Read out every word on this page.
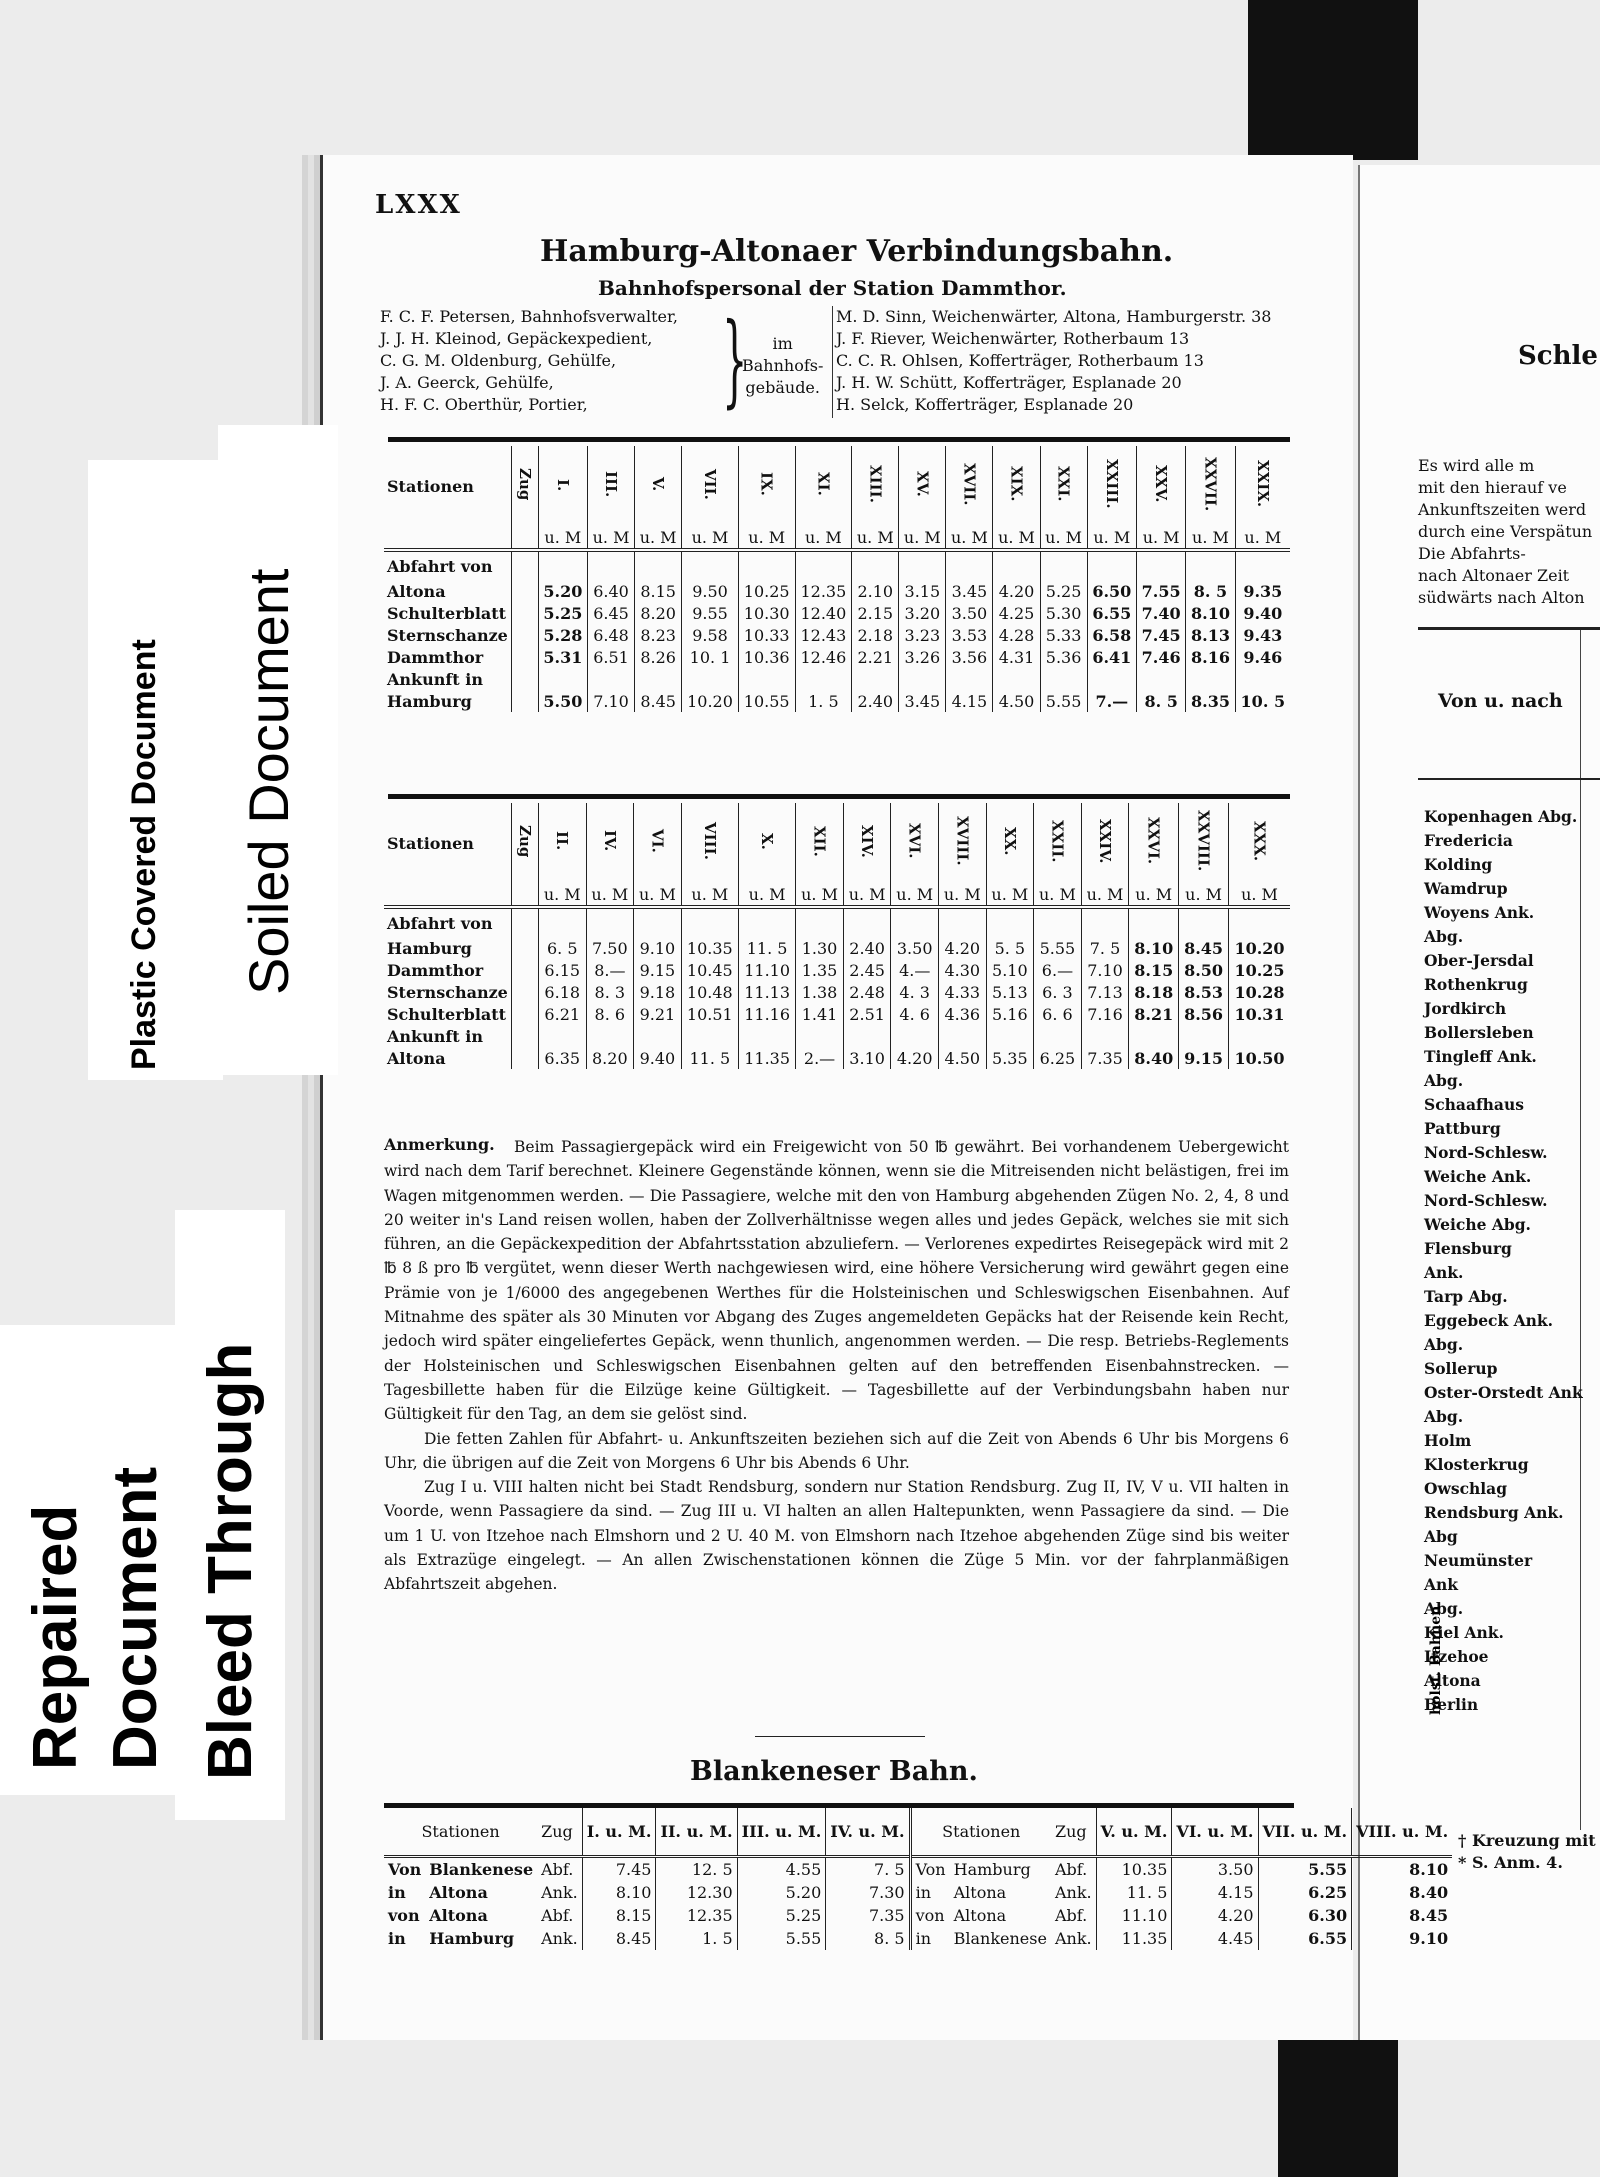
Plastic Covered Document Soiled Document
Repaired Document Bleed Through
LXXX
Hamburg-Altonaer Verbindungsbahn.
Bahnhofspersonal der Station Dammthor.
F. C. F. Petersen, Bahnhofsverwalter,
J. J. H. Kleinod, Gepäckexpedient,
C. G. M. Oldenburg, Gehülfe,
J. A. Geerck, Gehülfe,
H. F. C. Oberthür, Portier,	}	im
Bahnhofs-
gebäude.
M. D. Sinn, Weichenwärter, Altona, Hamburgerstr. 38
J. F. Riever, Weichenwärter, Rotherbaum 13
C. C. R. Ohlsen, Kofferträger, Rotherbaum 13
J. H. W. Schütt, Kofferträger, Esplanade 20
H. Selck, Kofferträger, Esplanade 20
Stationen	Zug	I.	III.	V.	VII.	IX.	XI.	XIII.	XV.	XVII.	XIX.	XXI.	XXIII.	XXV.	XXVII.	XXIX.
		u. M	u. M	u. M	u. M	u. M	u. M	u. M	u. M	u. M	u. M	u. M	u. M	u. M	u. M	u. M
Abfahrt von																
Altona		5.20	6.40	8.15	9.50	10.25	12.35	2.10	3.15	3.45	4.20	5.25	6.50	7.55	8. 5	9.35
Schulterblatt		5.25	6.45	8.20	9.55	10.30	12.40	2.15	3.20	3.50	4.25	5.30	6.55	7.40	8.10	9.40
Sternschanze		5.28	6.48	8.23	9.58	10.33	12.43	2.18	3.23	3.53	4.28	5.33	6.58	7.45	8.13	9.43
Dammthor		5.31	6.51	8.26	10. 1	10.36	12.46	2.21	3.26	3.56	4.31	5.36	6.41	7.46	8.16	9.46
Ankunft in																
Hamburg		5.50	7.10	8.45	10.20	10.55	1. 5	2.40	3.45	4.15	4.50	5.55	7.—	8. 5	8.35	10. 5
Stationen	Zug	II.	IV.	VI.	VIII.	X.	XII.	XIV.	XVI.	XVIII.	XX.	XXII.	XXIV.	XXVI.	XXVIII.	XXX.
		u. M	u. M	u. M	u. M	u. M	u. M	u. M	u. M	u. M	u. M	u. M	u. M	u. M	u. M	u. M
Abfahrt von																
Hamburg		6. 5	7.50	9.10	10.35	11. 5	1.30	2.40	3.50	4.20	5. 5	5.55	7. 5	8.10	8.45	10.20
Dammthor		6.15	8.—	9.15	10.45	11.10	1.35	2.45	4.—	4.30	5.10	6.—	7.10	8.15	8.50	10.25
Sternschanze		6.18	8. 3	9.18	10.48	11.13	1.38	2.48	4. 3	4.33	5.13	6. 3	7.13	8.18	8.53	10.28
Schulterblatt		6.21	8. 6	9.21	10.51	11.16	1.41	2.51	4. 6	4.36	5.16	6. 6	7.16	8.21	8.56	10.31
Ankunft in																
Altona		6.35	8.20	9.40	11. 5	11.35	2.—	3.10	4.20	4.50	5.35	6.25	7.35	8.40	9.15	10.50
Beim Passagiergepäck wird ein Freigewicht von 50 ℔ gewährt. Bei vorhandenem Uebergewicht wird nach dem Tarif berechnet. Kleinere Gegenstände können, wenn sie die Mitreisenden nicht belästigen, frei im Wagen mitgenommen werden. — Die Passagiere, welche mit den von Hamburg abgehenden Zügen No. 2, 4, 8 und 20 weiter in's Land reisen wollen, haben der Zollverhältnisse wegen alles und jedes Gepäck, welches sie mit sich führen, an die Gepäckexpedition der Abfahrtsstation abzuliefern. — Verlorenes expedirtes Reisegepäck wird mit 2 ℔ 8 ß pro ℔ vergütet, wenn dieser Werth nachgewiesen wird, eine höhere Versicherung wird gewährt gegen eine Prämie von je 1/6000 des angegebenen Werthes für die Holsteinischen und Schleswigschen Eisenbahnen. Auf Mitnahme des später als 30 Minuten vor Abgang des Zuges angemeldeten Gepäcks hat der Reisende kein Recht, jedoch wird später eingeliefertes Gepäck, wenn thunlich, angenommen werden. — Die resp. Betriebs-Reglements der Holsteinischen und Schleswigschen Eisenbahnen gelten auf den betreffenden Eisenbahnstrecken. — Tagesbillette haben für die Eilzüge keine Gültigkeit. — Tagesbillette auf der Verbindungsbahn haben nur Gültigkeit für den Tag, an dem sie gelöst sind.
Die fetten Zahlen für Abfahrt- u. Ankunftszeiten beziehen sich auf die Zeit von Abends 6 Uhr bis Morgens 6 Uhr, die übrigen auf die Zeit von Morgens 6 Uhr bis Abends 6 Uhr.
Zug I u. VIII halten nicht bei Stadt Rendsburg, sondern nur Station Rendsburg. Zug II, IV, V u. VII halten in Voorde, wenn Passagiere da sind. — Zug III u. VI halten an allen Haltepunkten, wenn Passagiere da sind. — Die um 1 U. von Itzehoe nach Elmshorn und 2 U. 40 M. von Elmshorn nach Itzehoe abgehenden Züge sind bis weiter als Extrazüge eingelegt. — An allen Zwischenstationen können die Züge 5 Min. vor der fahrplanmäßigen Abfahrtszeit abgehen.
Anmerkung.
Blankeneser Bahn.
Stationen		Zug	I. u. M.	II. u. M.	III. u. M.	IV. u. M.	Stationen		Zug	V. u. M.	VI. u. M.	VII. u. M.	VIII. u. M.
Von	Blankenese	Abf.	7.45	12. 5	4.55	7. 5	Von	Hamburg	Abf.	10.35	3.50	5.55	8.10
in	Altona	Ank.	8.10	12.30	5.20	7.30	in	Altona	Ank.	11. 5	4.15	6.25	8.40
von	Altona	Abf.	8.15	12.35	5.25	7.35	von	Altona	Abf.	11.10	4.20	6.30	8.45
in	Hamburg	Ank.	8.45	1. 5	5.55	8. 5	in	Blankenese	Ank.	11.35	4.45	6.55	9.10
Schle
Es wird alle m
mit den hierauf ve
Ankunftszeiten werd
durch eine Verspätun
Die Abfahrts-
nach Altonaer Zeit
südwärts nach Alton
Von u. nach
Kopenhagen Abg.
Fredericia
Kolding
Wamdrup
Woyens Ank.
Abg.
Ober-Jersdal
Rothenkrug
Jordkirch
Bollersleben
Tingleff Ank.
Abg.
Schaafhaus
Pattburg
Nord-Schlesw.
Weiche Ank.
Nord-Schlesw.
Weiche Abg.
Flensburg
Ank.
Tarp Abg.
Eggebeck Ank.
Abg.
Sollerup
Oster-Orstedt Ank
Abg.
Holm
Klosterkrug
Owschlag
Rendsburg Ank.
Abg
Neumünster
Ank
Abg.
Kiel Ank.
Itzehoe
Altona
Berlin
holst. Bahnen
† Kreuzung mit
* S. Anm. 4.
